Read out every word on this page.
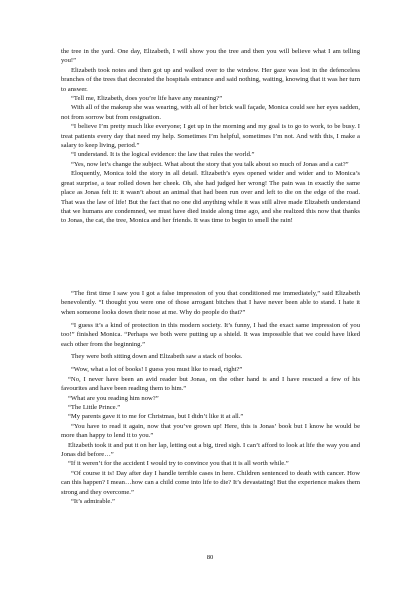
the tree in the yard. One day, Elizabeth, I will show you the tree and then you will believe what I am telling you!”

Elizabeth took notes and then got up and walked over to the window. Her gaze was lost in the defenceless branches of the trees that decorated the hospitals entrance and said nothing, waiting, knowing that it was her turn to answer.

“Tell me, Elizabeth, does you’re life have any meaning?”

With all of the makeup she was wearing, with all of her brick wall façade, Monica could see her eyes sadden, not from sorrow but from resignation.

“I believe I’m pretty much like everyone; I get up in the morning and my goal is to go to work, to be busy. I treat patients every day that need my help. Sometimes I’m helpful, sometimes I’m not. And with this, I make a salary to keep living, period.”

“I understand. It is the logical evidence: the law that rules the world.”

“Yes, now let’s change the subject. What about the story that you talk about so much of Jonas and a cat?”

Eloquently, Monica told the story in all detail. Elizabeth’s eyes opened wider and wider and to Monica’s great surprise, a tear rolled down her cheek. Oh, she had judged her wrong! The pain was in exactly the same place as Jonas felt it: it wasn’t about an animal that had been run over and left to die on the edge of the road. That was the law of life! But the fact that no one did anything while it was still alive made Elizabeth understand that we humans are condemned, we must have died inside along time ago, and she realized this now that thanks to Jonas, the cat, the tree, Monica and her friends. It was time to begin to smell the rain!

“The first time I saw you I got a false impression of you that conditioned me immediately,” said Elizabeth benevolently. “I thought you were one of those arrogant bitches that I have never been able to stand. I hate it when someone looks down their nose at me. Why do people do that?”

“I guess it’s a kind of protection in this modern society. It’s funny, I had the exact same impression of you too!” finished Monica. “Perhaps we both were putting up a shield. It was impossible that we could have liked each other from the beginning.”

They were both sitting down and Elizabeth saw a stack of books.

“Wow, what a lot of books! I guess you must like to read, right?”

“No, I never have been an avid reader but Jonas, on the other hand is and I have rescued a few of his favourites and have been reading them to him.”

“What are you reading him now?”

“The Little Prince.”

“My parents gave it to me for Christmas, but I didn’t like it at all.”

“You have to read it again, now that you’ve grown up! Here, this is Jonas’ book but I know he would be more than happy to lend it to you.”

Elizabeth took it and put it on her lap, letting out a big, tired sigh. I can’t afford to look at life the way you and Jonas did before…”

“If it weren’t for the accident I would try to convince you that it is all worth while.”

“Of course it is! Day after day I handle terrible cases in here. Children sentenced to death with cancer. How can this happen? I mean…how can a child come into life to die? It’s devastating! But the experience makes them strong and they overcome.”

“It’s admirable.”

80
